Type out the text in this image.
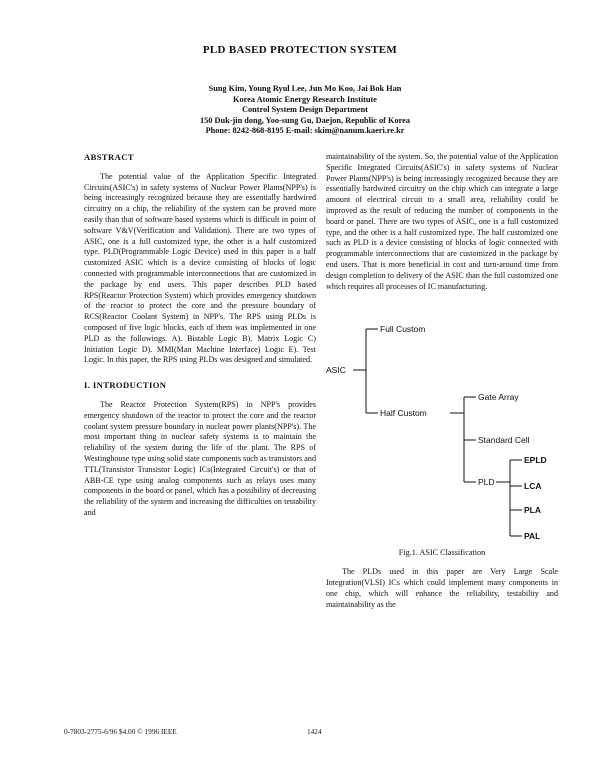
PLD BASED PROTECTION SYSTEM
Sung Kim, Young Ryul Lee, Jun Mo Koo, Jai Bok Han
Korea Atomic Energy Research Institute
Control System Design Department
150 Duk-jin dong, Yoo-sung Gu, Daejon, Republic of Korea
Phone: 8242-868-8195 E-mail: skim@nanum.kaeri.re.kr
ABSTRACT

The potential value of the Application Specific Integrated Circuits(ASIC's) in safety systems of Nuclear Power Plants(NPP's) is being increasingly recognized because they are essentially hardwired circuitry on a chip, the reliability of the system can be proved more easily than that of software based systems which is difficult in point of software V&V(Verification and Validation). There are two types of ASIC, one is a full customized type, the other is a half customized type. PLD(Programmable Logic Device) used in this paper is a half customized ASIC which is a device consisting of blocks of logic connected with programmable interconnections that are customized in the package by end users. This paper describes PLD based RPS(Reactor Protection System) which provides emergency shutdown of the reactor to protect the core and the pressure boundary of RCS(Reactor Coolant System) in NPP's. The RPS using PLDs is composed of five logic blocks, each of them was implemented in one PLD as the followings. A). Bistable Logic B). Matrix Logic C) Initiation Logic D). MMI(Man Machine Interface) Logic E). Test Logic. In this paper, the RPS using PLDs was designed and simulated.

I. INTRODUCTION

The Reactor Protection System(RPS) in NPP's provides emergency shutdown of the reactor to protect the core and the reactor coolant system pressure boundary in nuclear power plants(NPP's). The most important thing in nuclear safety systems is to maintain the reliability of the system during the life of the plant. The RPS of Westinghouse type using solid state components such as transistors and TTL(Transistor Transistor Logic) ICs(Integrated Circuit's) or that of ABB-CE type using analog components such as relays uses many components in the board or panel, which has a possibility of decreasing the reliability of the system and increasing the difficulties on testability and

maintainability of the system. So, the potential value of the Application Specific Integrated Circuits(ASIC's) in safety systems of Nuclear Power Plants(NPP's) is being increasingly recognized because they are essentially hardwired circuitry on the chip which can integrate a large amount of electrical circuit to a small area, reliability could be improved as the result of reducing the number of components in the board or panel. There are two types of ASIC, one is a full customized type, and the other is a half customized type. The half customized one such as PLD is a device consisting of blocks of logic connected with programmable interconnections that are customized in the package by end users. That is more beneficial in cost and turn-around time from design completion to delivery of the ASIC than the full customized one which requires all processes of IC manufacturing.

ASIC
Full Custom
Half Custom
Gate Array
Standard Cell
PLD
EPLD
LCA
PLA
PAL
Fig.1. ASIC Classification

The PLDs used in this paper are Very Large Scale Integration(VLSI) ICs which could implement many components in one chip, which will enhance the reliability, testability and maintainability as the

0-7803-2775-6/96 $4.00 © 1996 IEEE	1424
